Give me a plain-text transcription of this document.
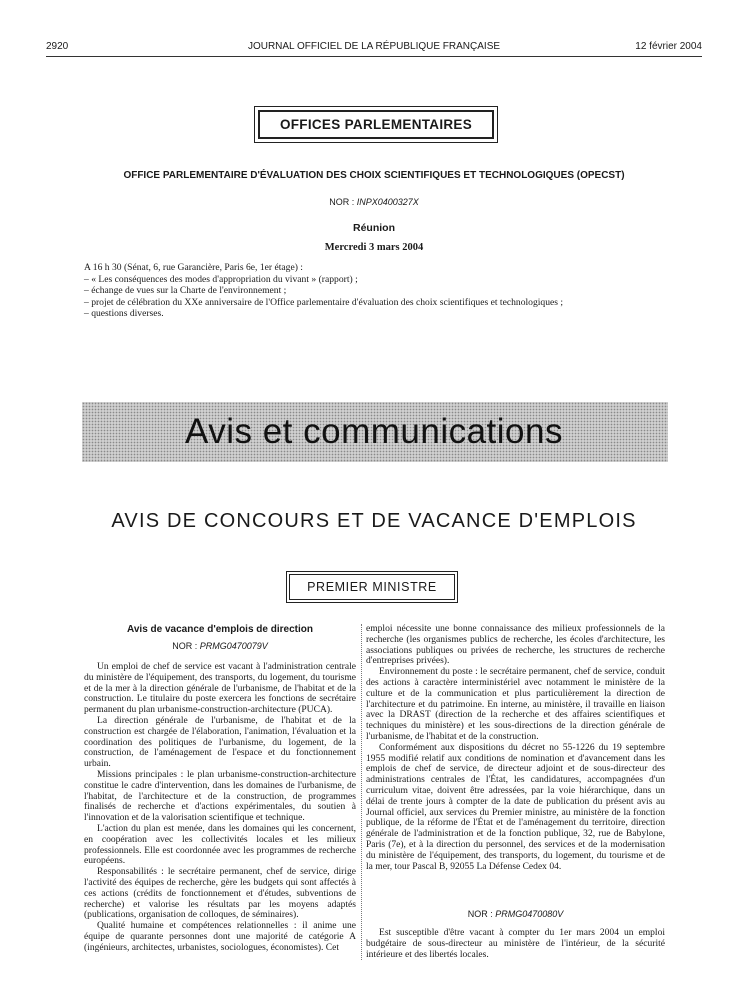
2920	JOURNAL OFFICIEL DE LA RÉPUBLIQUE FRANÇAISE	12 février 2004
OFFICES PARLEMENTAIRES
OFFICE PARLEMENTAIRE D'ÉVALUATION DES CHOIX SCIENTIFIQUES ET TECHNOLOGIQUES (OPECST)
NOR : INPX0400327X
Réunion
Mercredi 3 mars 2004
A 16 h 30 (Sénat, 6, rue Garancière, Paris 6e, 1er étage) :
– « Les conséquences des modes d'appropriation du vivant » (rapport) ;
– échange de vues sur la Charte de l'environnement ;
– projet de célébration du XXe anniversaire de l'Office parlementaire d'évaluation des choix scientifiques et technologiques ;
– questions diverses.
Avis et communications
AVIS DE CONCOURS ET DE VACANCE D'EMPLOIS
PREMIER MINISTRE
Avis de vacance d'emplois de direction
NOR : PRMG0470079V

Un emploi de chef de service est vacant à l'administration centrale du ministère de l'équipement, des transports, du logement, du tourisme et de la mer à la direction générale de l'urbanisme, de l'habitat et de la construction. Le titulaire du poste exercera les fonctions de secrétaire permanent du plan urbanisme-construction-architecture (PUCA).

La direction générale de l'urbanisme, de l'habitat et de la construction est chargée de l'élaboration, l'animation, l'évaluation et la coordination des politiques de l'urbanisme, du logement, de la construction, de l'aménagement de l'espace et du fonctionnement urbain.

Missions principales : le plan urbanisme-construction-architecture constitue le cadre d'intervention, dans les domaines de l'urbanisme, de l'habitat, de l'architecture et de la construction, de programmes finalisés de recherche et d'actions expérimentales, du soutien à l'innovation et de la valorisation scientifique et technique.

L'action du plan est menée, dans les domaines qui les concernent, en coopération avec les collectivités locales et les milieux professionnels. Elle est coordonnée avec les programmes de recherche européens.

Responsabilités : le secrétaire permanent, chef de service, dirige l'activité des équipes de recherche, gère les budgets qui sont affectés à ces actions (crédits de fonctionnement et d'études, subventions de recherche) et valorise les résultats par les moyens adaptés (publications, organisation de colloques, de séminaires).

Qualité humaine et compétences relationnelles : il anime une équipe de quarante personnes dont une majorité de catégorie A (ingénieurs, architectes, urbanistes, sociologues, économistes). Cet

emploi nécessite une bonne connaissance des milieux professionnels de la recherche (les organismes publics de recherche, les écoles d'architecture, les associations publiques ou privées de recherche, les structures de recherche d'entreprises privées).

Environnement du poste : le secrétaire permanent, chef de service, conduit des actions à caractère interministériel avec notamment le ministère de la culture et de la communication et plus particulièrement la direction de l'architecture et du patrimoine. En interne, au ministère, il travaille en liaison avec la DRAST (direction de la recherche et des affaires scientifiques et techniques du ministère) et les sous-directions de la direction générale de l'urbanisme, de l'habitat et de la construction.

Conformément aux dispositions du décret no 55-1226 du 19 septembre 1955 modifié relatif aux conditions de nomination et d'avancement dans les emplois de chef de service, de directeur adjoint et de sous-directeur des administrations centrales de l'État, les candidatures, accompagnées d'un curriculum vitae, doivent être adressées, par la voie hiérarchique, dans un délai de trente jours à compter de la date de publication du présent avis au Journal officiel, aux services du Premier ministre, au ministère de la fonction publique, de la réforme de l'État et de l'aménagement du territoire, direction générale de l'administration et de la fonction publique, 32, rue de Babylone, Paris (7e), et à la direction du personnel, des services et de la modernisation du ministère de l'équipement, des transports, du logement, du tourisme et de la mer, tour Pascal B, 92055 La Défense Cedex 04.

NOR : PRMG0470080V

Est susceptible d'être vacant à compter du 1er mars 2004 un emploi budgétaire de sous-directeur au ministère de l'intérieur, de la sécurité intérieure et des libertés locales.
